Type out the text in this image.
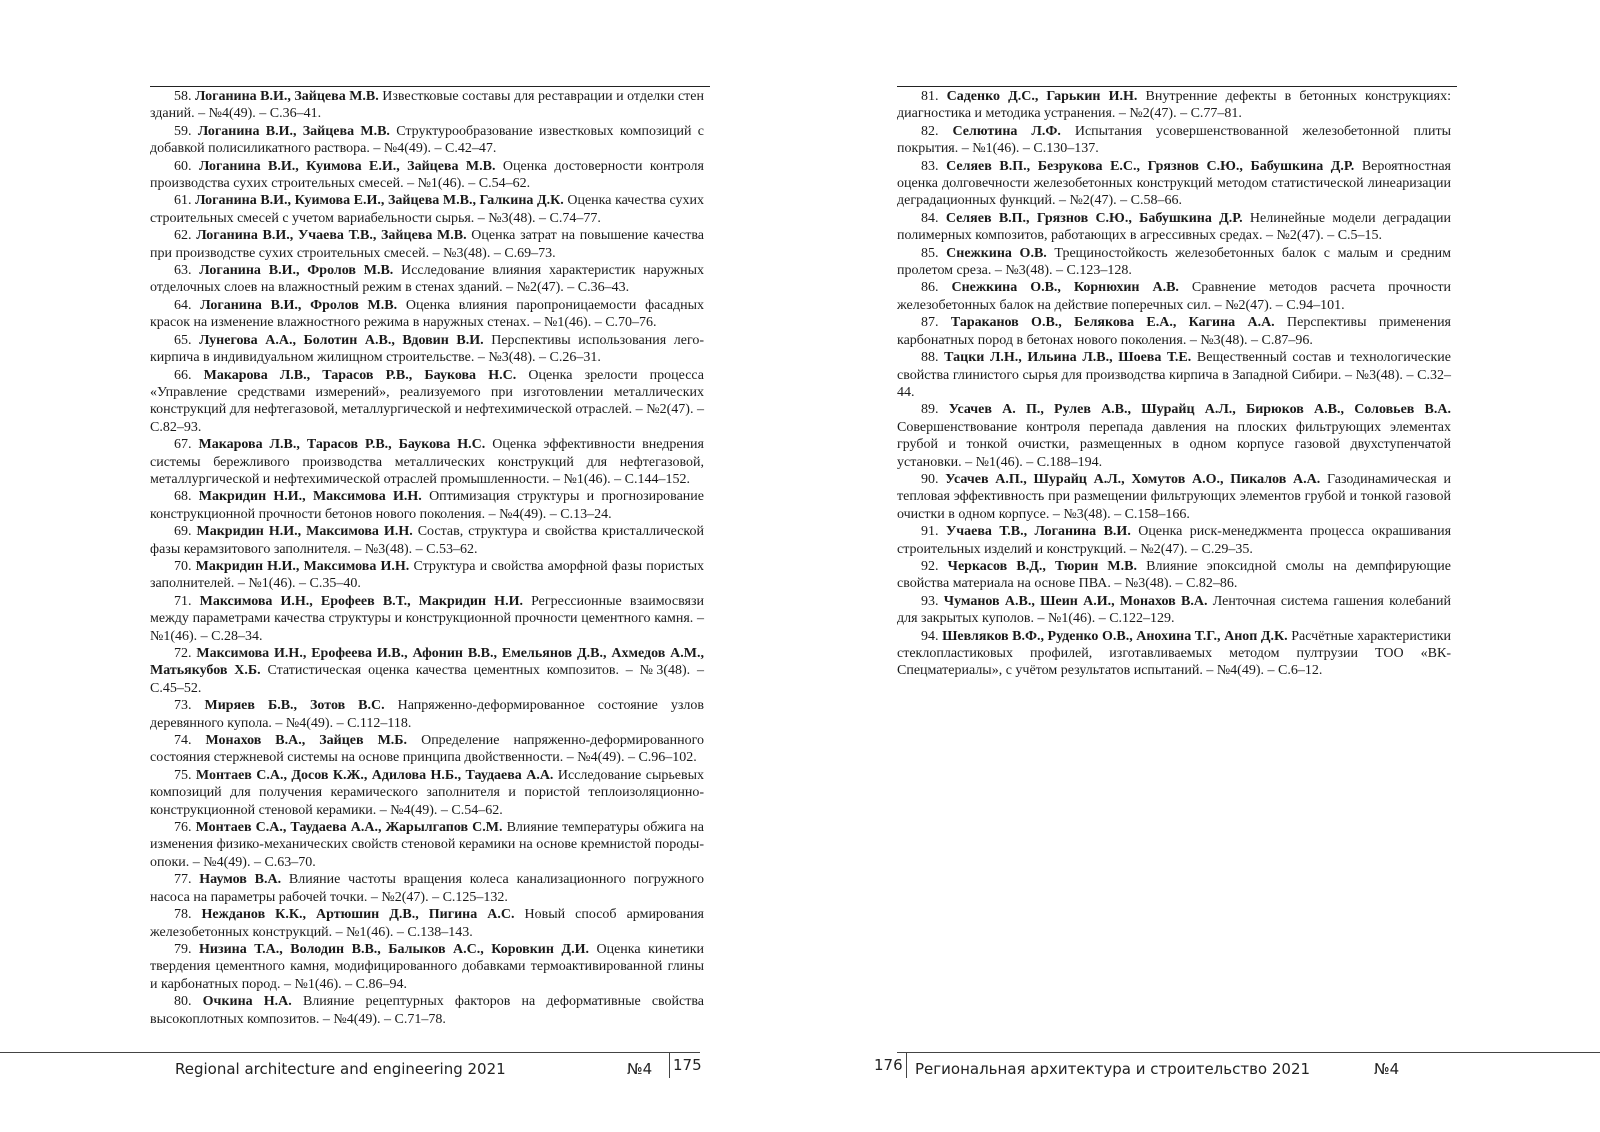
58. Логанина В.И., Зайцева М.В. Известковые составы для реставрации и отделки стен зданий. – №4(49). – С.36–41.

59. Логанина В.И., Зайцева М.В. Структурообразование известковых композиций с добавкой полисиликатного раствора. – №4(49). – С.42–47.

60. Логанина В.И., Куимова Е.И., Зайцева М.В. Оценка достоверности контроля производства сухих строительных смесей. – №1(46). – С.54–62.

61. Логанина В.И., Куимова Е.И., Зайцева М.В., Галкина Д.К. Оценка качества сухих строительных смесей с учетом вариабельности сырья. – №3(48). – С.74–77.

62. Логанина В.И., Учаева Т.В., Зайцева М.В. Оценка затрат на повышение качества при производстве сухих строительных смесей. – №3(48). – С.69–73.

63. Логанина В.И., Фролов М.В. Исследование влияния характеристик наружных отделочных слоев на влажностный режим в стенах зданий. – №2(47). – С.36–43.

64. Логанина В.И., Фролов М.В. Оценка влияния паропроницаемости фасадных красок на изменение влажностного режима в наружных стенах. – №1(46). – С.70–76.

65. Лунегова А.А., Болотин А.В., Вдовин В.И. Перспективы использования лего-кирпича в индивидуальном жилищном строительстве. – №3(48). – С.26–31.

66. Макарова Л.В., Тарасов Р.В., Баукова Н.С. Оценка зрелости процесса «Управление средствами измерений», реализуемого при изготовлении металлических конструкций для нефтегазовой, металлургической и нефтехимической отраслей. – №2(47). – С.82–93.

67. Макарова Л.В., Тарасов Р.В., Баукова Н.С. Оценка эффективности внедрения системы бережливого производства металлических конструкций для нефтегазовой, металлургической и нефтехимической отраслей промышленности. – №1(46). – С.144–152.

68. Макридин Н.И., Максимова И.Н. Оптимизация структуры и прогнозирование конструкционной прочности бетонов нового поколения. – №4(49). – С.13–24.

69. Макридин Н.И., Максимова И.Н. Состав, структура и свойства кристаллической фазы керамзитового заполнителя. – №3(48). – С.53–62.

70. Макридин Н.И., Максимова И.Н. Структура и свойства аморфной фазы пористых заполнителей. – №1(46). – С.35–40.

71. Максимова И.Н., Ерофеев В.Т., Макридин Н.И. Регрессионные взаимосвязи между параметрами качества структуры и конструкционной прочности цементного камня. – №1(46). – С.28–34.

72. Максимова И.Н., Ерофеева И.В., Афонин В.В., Емельянов Д.В., Ахмедов А.М., Матьякубов Х.Б. Статистическая оценка качества цементных композитов. – №3(48). – С.45–52.

73. Миряев Б.В., Зотов В.С. Напряженно-деформированное состояние узлов деревянного купола. – №4(49). – С.112–118.

74. Монахов В.А., Зайцев М.Б. Определение напряженно-деформированного состояния стержневой системы на основе принципа двойственности. – №4(49). – С.96–102.

75. Монтаев С.А., Досов К.Ж., Адилова Н.Б., Таудаева А.А. Исследование сырьевых композиций для получения керамического заполнителя и пористой теплоизоляционно-конструкционной стеновой керамики. – №4(49). – С.54–62.

76. Монтаев С.А., Таудаева А.А., Жарылгапов С.М. Влияние температуры обжига на изменения физико-механических свойств стеновой керамики на основе кремнистой породы-опоки. – №4(49). – С.63–70.

77. Наумов В.А. Влияние частоты вращения колеса канализационного погружного насоса на параметры рабочей точки. – №2(47). – С.125–132.

78. Нежданов К.К., Артюшин Д.В., Пигина А.С. Новый способ армирования железобетонных конструкций. – №1(46). – С.138–143.

79. Низина Т.А., Володин В.В., Балыков А.С., Коровкин Д.И. Оценка кинетики твердения цементного камня, модифицированного добавками термоактивированной глины и карбонатных пород. – №1(46). – С.86–94.

80. Очкина Н.А. Влияние рецептурных факторов на деформативные свойства высокоплотных композитов. – №4(49). – С.71–78.

Regional architecture and engineering 2021	№4 175

81. Саденко Д.С., Гарькин И.Н. Внутренние дефекты в бетонных конструкциях: диагностика и методика устранения. – №2(47). – С.77–81.

82. Селютина Л.Ф. Испытания усовершенствованной железобетонной плиты покрытия. – №1(46). – С.130–137.

83. Селяев В.П., Безрукова Е.С., Грязнов С.Ю., Бабушкина Д.Р. Вероятностная оценка долговечности железобетонных конструкций методом статистической линеаризации деградационных функций. – №2(47). – С.58–66.

84. Селяев В.П., Грязнов С.Ю., Бабушкина Д.Р. Нелинейные модели деградации полимерных композитов, работающих в агрессивных средах. – №2(47). – С.5–15.

85. Снежкина О.В. Трещиностойкость железобетонных балок с малым и средним пролетом среза. – №3(48). – С.123–128.

86. Снежкина О.В., Корнюхин А.В. Сравнение методов расчета прочности железобетонных балок на действие поперечных сил. – №2(47). – С.94–101.

87. Тараканов О.В., Белякова Е.А., Кагина А.А. Перспективы применения карбонатных пород в бетонах нового поколения. – №3(48). – С.87–96.

88. Тацки Л.Н., Ильина Л.В., Шоева Т.Е. Вещественный состав и технологические свойства глинистого сырья для производства кирпича в Западной Сибири. – №3(48). – С.32–44.

89. Усачев А. П., Рулев А.В., Шурайц А.Л., Бирюков А.В., Соловьев В.А. Совершенствование контроля перепада давления на плоских фильтрующих элементах грубой и тонкой очистки, размещенных в одном корпусе газовой двухступенчатой установки. – №1(46). – С.188–194.

90. Усачев А.П., Шурайц А.Л., Хомутов А.О., Пикалов А.А. Газодинамическая и тепловая эффективность при размещении фильтрующих элементов грубой и тонкой газовой очистки в одном корпусе. – №3(48). – С.158–166.

91. Учаева Т.В., Логанина В.И. Оценка риск-менеджмента процесса окрашивания строительных изделий и конструкций. – №2(47). – С.29–35.

92. Черкасов В.Д., Тюрин М.В. Влияние эпоксидной смолы на демпфирующие свойства материала на основе ПВА. – №3(48). – С.82–86.

93. Чуманов А.В., Шеин А.И., Монахов В.А. Ленточная система гашения колебаний для закрытых куполов. – №1(46). – С.122–129.

94. Шевляков В.Ф., Руденко О.В., Анохина Т.Г., Аноп Д.К. Расчётные характеристики стеклопластиковых профилей, изготавливаемых методом пултрузии ТОО «ВК-Спецматериалы», с учётом результатов испытаний. – №4(49). – С.6–12.

176 Региональная архитектура и строительство 2021	№4
